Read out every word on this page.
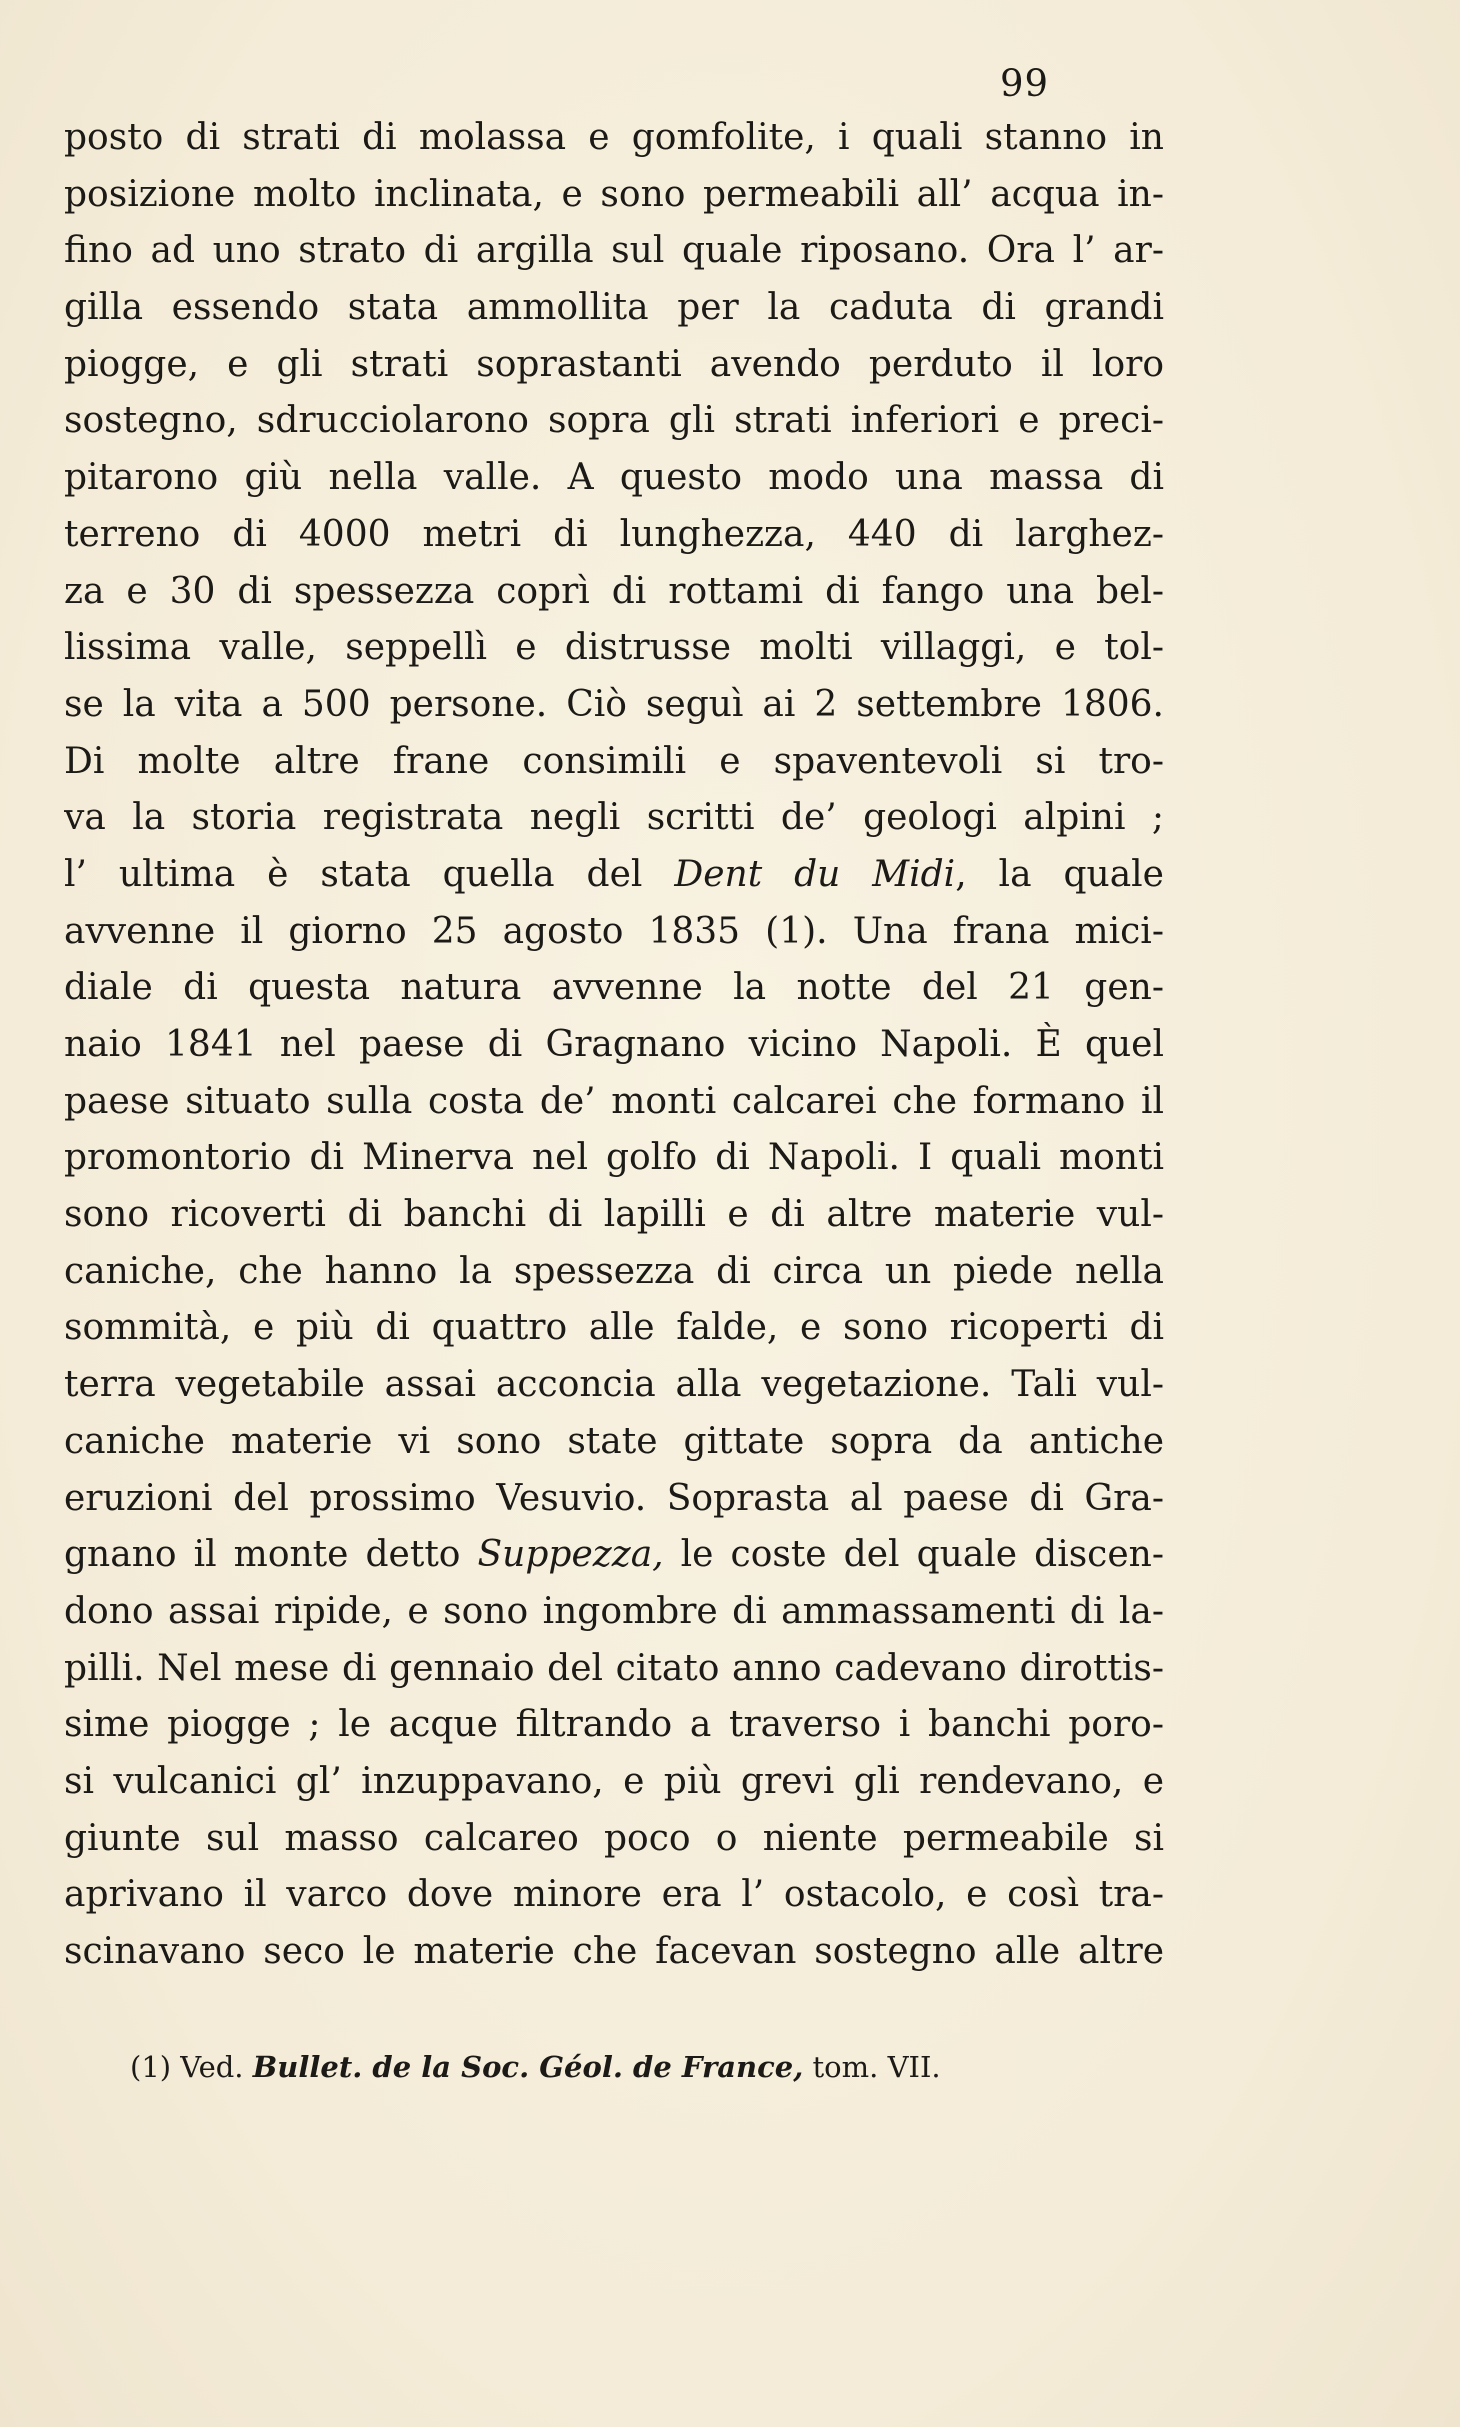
99
posto di strati di molassa e gomfolite, i quali stanno in
posizione molto inclinata, e sono permeabili all’ acqua in-
fino ad uno strato di argilla sul quale riposano. Ora l’ ar-
gilla essendo stata ammollita per la caduta di grandi
piogge, e gli strati soprastanti avendo perduto il loro
sostegno, sdrucciolarono sopra gli strati inferiori e preci-
pitarono giù nella valle. A questo modo una massa di
terreno di 4000 metri di lunghezza, 440 di larghez-
za e 30 di spessezza coprì di rottami di fango una bel-
lissima valle, seppellì e distrusse molti villaggi, e tol-
se la vita a 500 persone. Ciò seguì ai 2 settembre 1806.
Di molte altre frane consimili e spaventevoli si tro-
va la storia registrata negli scritti de’ geologi alpini ;
l’ ultima è stata quella del Dent du Midi, la quale
avvenne il giorno 25 agosto 1835 (1). Una frana mici-
diale di questa natura avvenne la notte del 21 gen-
naio 1841 nel paese di Gragnano vicino Napoli. È quel
paese situato sulla costa de’ monti calcarei che formano il
promontorio di Minerva nel golfo di Napoli. I quali monti
sono ricoverti di banchi di lapilli e di altre materie vul-
caniche, che hanno la spessezza di circa un piede nella
sommità, e più di quattro alle falde, e sono ricoperti di
terra vegetabile assai acconcia alla vegetazione. Tali vul-
caniche materie vi sono state gittate sopra da antiche
eruzioni del prossimo Vesuvio. Soprasta al paese di Gra-
gnano il monte detto Suppezza, le coste del quale discen-
dono assai ripide, e sono ingombre di ammassamenti di la-
pilli. Nel mese di gennaio del citato anno cadevano dirottis-
sime piogge ; le acque filtrando a traverso i banchi poro-
si vulcanici gl’ inzuppavano, e più grevi gli rendevano, e
giunte sul masso calcareo poco o niente permeabile si
aprivano il varco dove minore era l’ ostacolo, e così tra-
scinavano seco le materie che facevan sostegno alle altre
(1) Ved. Bullet. de la Soc. Géol. de France, tom. VII.
